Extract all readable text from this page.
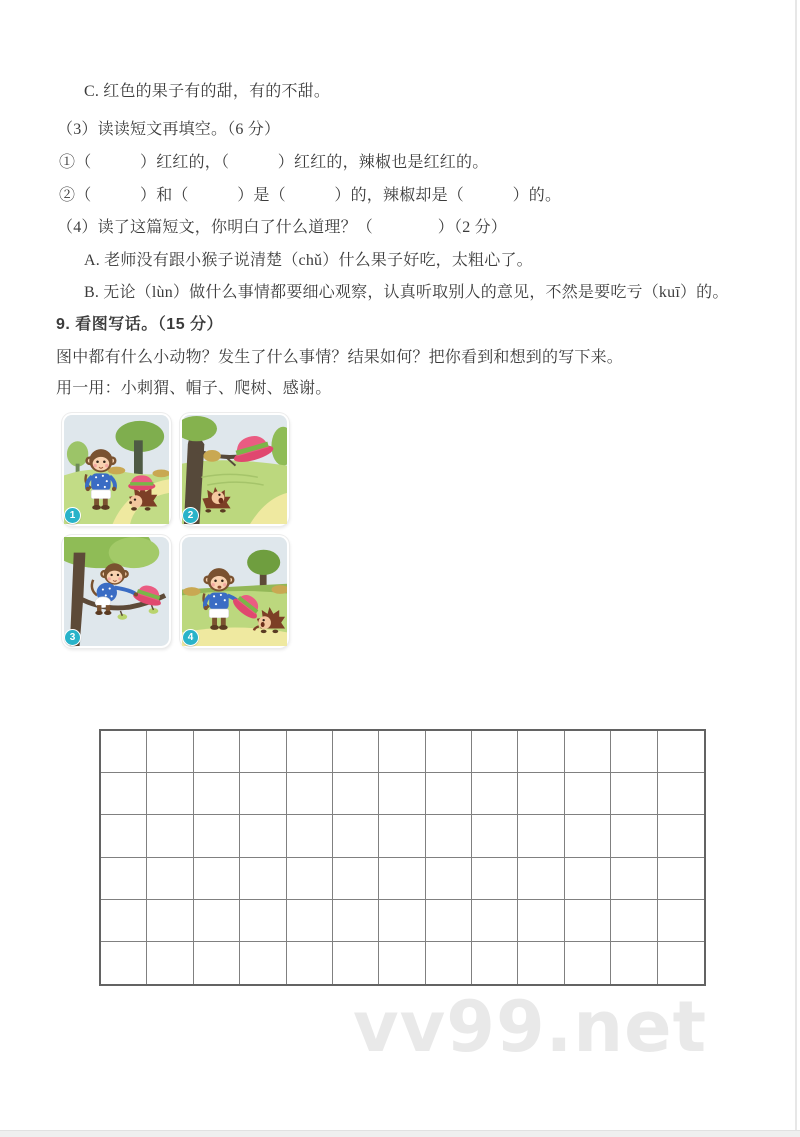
C. 红色的果子有的甜，有的不甜。
（3）读读短文再填空。（6 分）
①（　　　）红红的，（　　　）红红的，辣椒也是红红的。
②（　　　）和（　　　）是（　　　）的，辣椒却是（　　　）的。
（4）读了这篇短文，你明白了什么道理？（　　　　）（2 分）
A. 老师没有跟小猴子说清楚（chǔ）什么果子好吃，太粗心了。
B. 无论（lùn）做什么事情都要细心观察，认真听取别人的意见，不然是要吃亏（kuī）的。
9. 看图写话。（15 分）
图中都有什么小动物？发生了什么事情？结果如何？把你看到和想到的写下来。
用一用：小刺猬、帽子、爬树、感谢。
1	2
3	4
vv99.net
